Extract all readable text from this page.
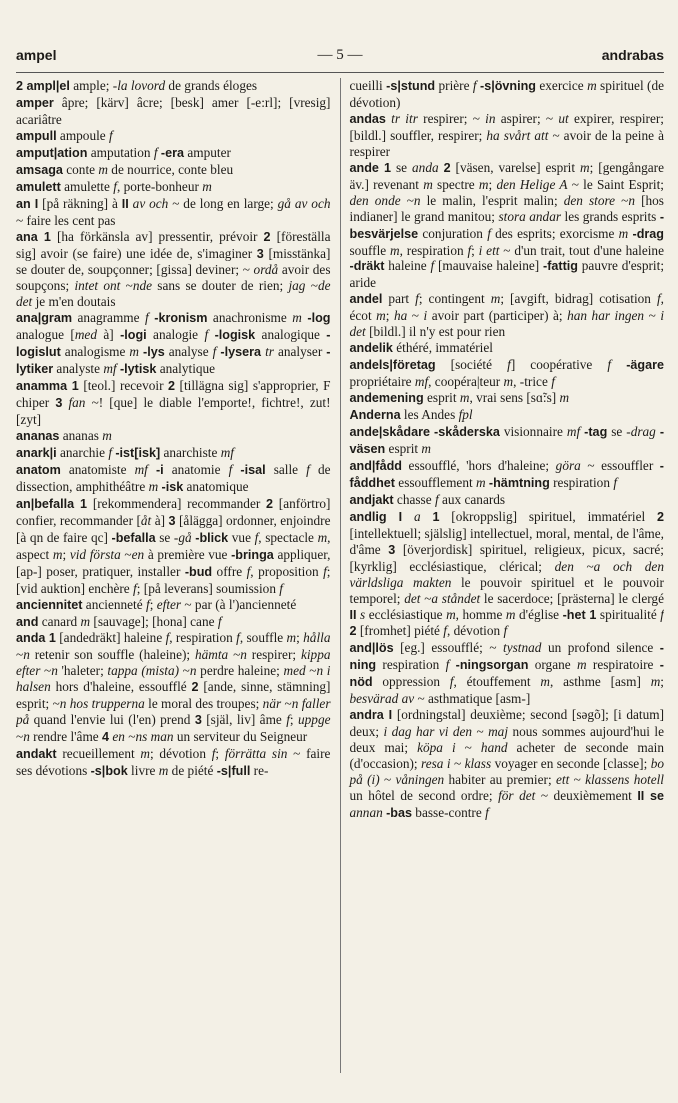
ampel	— 5 —	andrabas

2 ampl|el ample; -la lovord de grands éloges

amper âpre; [kärv] âcre; [besk] amer [-e:rl]; [vresig] acariâtre

ampull ampoule f

amput|ation amputation f -era amputer

amsaga conte m de nourrice, conte bleu

amulett amulette f, porte-bonheur m

an I [på räkning] à II av och ~ de long en large; gå av och ~ faire les cent pas

ana 1 [ha förkänsla av] pressentir, prévoir 2 [föreställa sig] avoir (se faire) une idée de, s'imaginer 3 [misstänka] se douter de, soupçonner; [gissa] deviner; ~ ordå avoir des soupçons; intet ont ~nde sans se douter de rien; jag ~de det je m'en doutais

ana|gram anagramme f -kronism anachronisme m -log analogue [med à] -logi analogie f -logisk analogique -logislut analogisme m -lys analyse f -lysera tr analyser -lytiker analyste mf -lytisk analytique

anamma 1 [teol.] recevoir 2 [tillägna sig] s'approprier, F chiper 3 fan ~! [que] le diable l'emporte!, fichtre!, zut! [zyt]

ananas ananas m

anark|i anarchie f -ist[isk] anarchiste mf

anatom anatomiste mf -i anatomie f -isal salle f de dissection, amphithéâtre m -isk anatomique

an|befalla 1 [rekommendera] recommander 2 [anförtro] confier, recommander [åt à] 3 [ålägga] ordonner, enjoindre [à qn de faire qc] -befalla se -gå -blick vue f, spectacle m, aspect m; vid första ~en à première vue -bringa appliquer, [ap-] poser, pratiquer, installer -bud offre f, proposition f; [vid auktion] enchère f; [på leverans] soumission f

anciennitet ancienneté f; efter ~ par (à l')ancienneté

and canard m [sauvage]; [hona] cane f

anda 1 [andedräkt] haleine f, respiration f, souffle m; hålla ~n retenir son souffle (haleine); hämta ~n respirer; kippa efter ~n 'haleter; tappa (mista) ~n perdre haleine; med ~n i halsen hors d'haleine, essoufflé 2 [ande, sinne, stämning] esprit; ~n hos trupperna le moral des troupes; när ~n faller på quand l'envie lui (l'en) prend 3 [själ, liv] âme f; uppge ~n rendre l'âme 4 en ~ns man un serviteur du Seigneur

andakt recueillement m; dévotion f; förrätta sin ~ faire ses dévotions -s|bok livre m de piété -s|full re-

cueilli -s|stund prière f -s|övning exercice m spirituel (de dévotion)

andas tr itr respirer; ~ in aspirer; ~ ut expirer, respirer; [bildl.] souffler, respirer; ha svårt att ~ avoir de la peine à respirer

ande 1 se anda 2 [väsen, varelse] esprit m; [gengångare äv.] revenant m spectre m; den Helige A ~ le Saint Esprit; den onde ~n le malin, l'esprit malin; den store ~n [hos indianer] le grand manitou; stora andar les grands esprits -besvärjelse conjuration f des esprits; exorcisme m -drag souffle m, respiration f; i ett ~ d'un trait, tout d'une haleine -dräkt haleine f [mauvaise haleine] -fattig pauvre d'esprit; aride

andel part f; contingent m; [avgift, bidrag] cotisation f, écot m; ha ~ i avoir part (participer) à; han har ingen ~ i det [bildl.] il n'y est pour rien

andelik éthéré, immatériel

andels|företag [société f] coopérative f -ägare propriétaire mf, coopéra|teur m, -trice f

andemening esprit m, vrai sens [sɑ̃:s] m

Anderna les Andes fpl

ande|skådare -skåderska visionnaire mf -tag se -drag -väsen esprit m

and|fådd essoufflé, 'hors d'haleine; göra ~ essouffler -fåddhet essoufflement m -hämtning respiration f

andjakt chasse f aux canards

andlig I a 1 [okroppslig] spirituel, immatériel 2 [intellektuell; själslig] intellectuel, moral, mental, de l'âme, d'âme 3 [överjordisk] spirituel, religieux, picux, sacré; [kyrklig] ecclésiastique, clérical; den ~a och den världsliga makten le pouvoir spirituel et le pouvoir temporel; det ~a ståndet le sacerdoce; [prästerna] le clergé II s ecclésiastique m, homme m d'église -het 1 spiritualité f 2 [fromhet] piété f, dévotion f

and|lös [eg.] essoufflé; ~ tystnad un profond silence -ning respiration f -ningsorgan organe m respiratoire -nöd oppression f, étouffement m, asthme [asm] m; besvärad av ~ asthmatique [asm-]

andra I [ordningstal] deuxième; second [səgõ]; [i datum] deux; i dag har vi den ~ maj nous sommes aujourd'hui le deux mai; köpa i ~ hand acheter de seconde main (d'occasion); resa i ~ klass voyager en seconde [classe]; bo på (i) ~ våningen habiter au premier; ett ~ klassens hotell un hôtel de second ordre; för det ~ deuxièmement II se annan -bas basse-contre f
